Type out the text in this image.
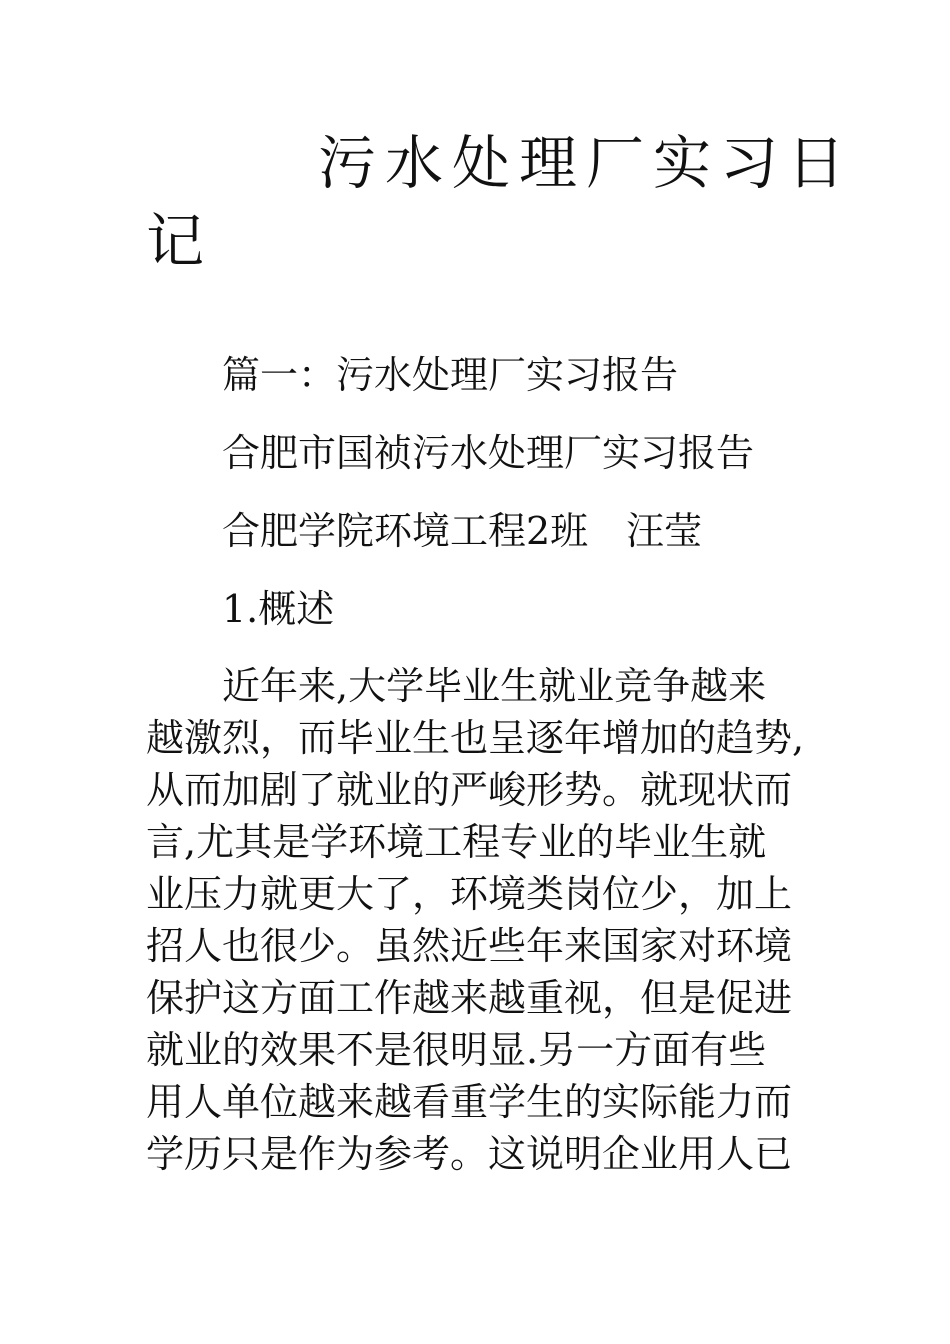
污水处理厂实习日
记
篇一：污水处理厂实习报告
合肥市国祯污水处理厂实习报告
合肥学院环境工程2班　汪莹
1.概述
近年来,大学毕业生就业竞争越来
越激烈，而毕业生也呈逐年增加的趋势,
从而加剧了就业的严峻形势。就现状而
言,尤其是学环境工程专业的毕业生就
业压力就更大了，环境类岗位少，加上
招人也很少。虽然近些年来国家对环境
保护这方面工作越来越重视，但是促进
就业的效果不是很明显.另一方面有些
用人单位越来越看重学生的实际能力而
学历只是作为参考。这说明企业用人已
